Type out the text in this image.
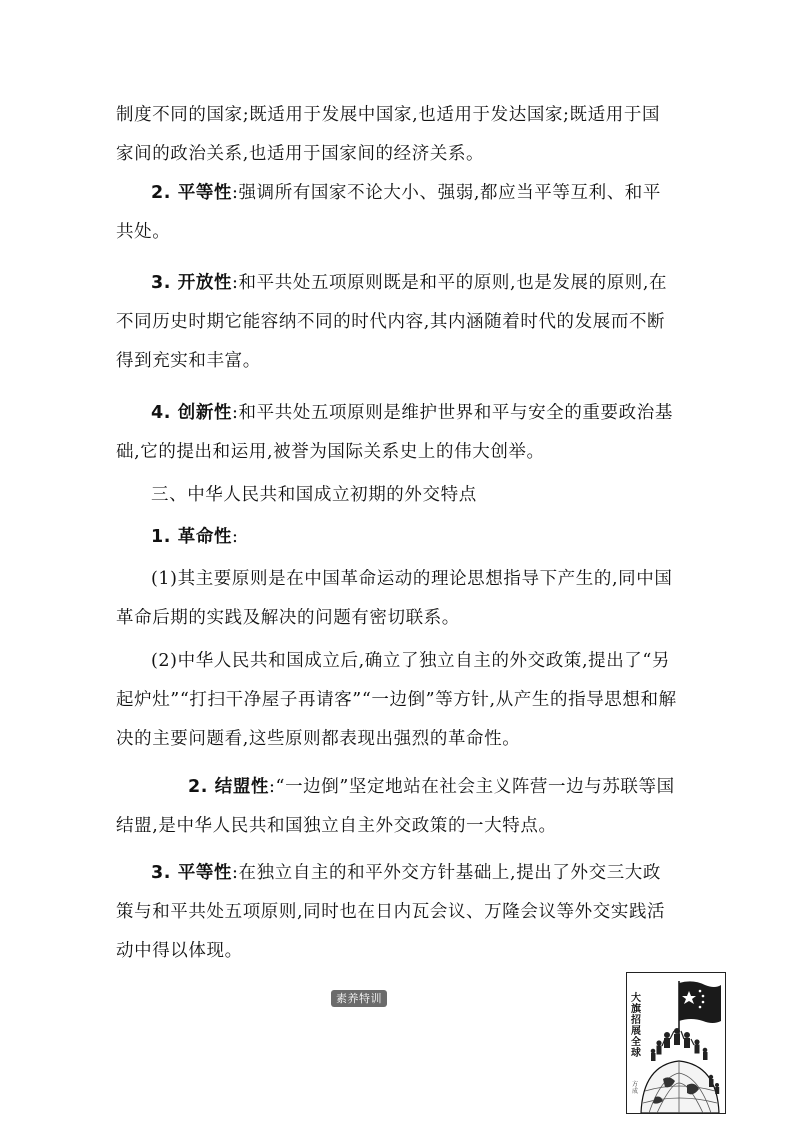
制度不同的国家;既适用于发展中国家,也适用于发达国家;既适用于国家间的政治关系,也适用于国家间的经济关系。

2. 平等性:强调所有国家不论大小、强弱,都应当平等互利、和平共处。

3. 开放性:和平共处五项原则既是和平的原则,也是发展的原则,在不同历史时期它能容纳不同的时代内容,其内涵随着时代的发展而不断得到充实和丰富。

4. 创新性:和平共处五项原则是维护世界和平与安全的重要政治基础,它的提出和运用,被誉为国际关系史上的伟大创举。

三、中华人民共和国成立初期的外交特点

1. 革命性:

(1)其主要原则是在中国革命运动的理论思想指导下产生的,同中国革命后期的实践及解决的问题有密切联系。

(2)中华人民共和国成立后,确立了独立自主的外交政策,提出了“另起炉灶”“打扫干净屋子再请客”“一边倒”等方针,从产生的指导思想和解决的主要问题看,这些原则都表现出强烈的革命性。

2. 结盟性:“一边倒”坚定地站在社会主义阵营一边与苏联等国结盟,是中华人民共和国独立自主外交政策的一大特点。

3. 平等性:在独立自主的和平外交方针基础上,提出了外交三大政策与和平共处五项原则,同时也在日内瓦会议、万隆会议等外交实践活动中得以体现。

素养特训	大旗招展全球
方成
